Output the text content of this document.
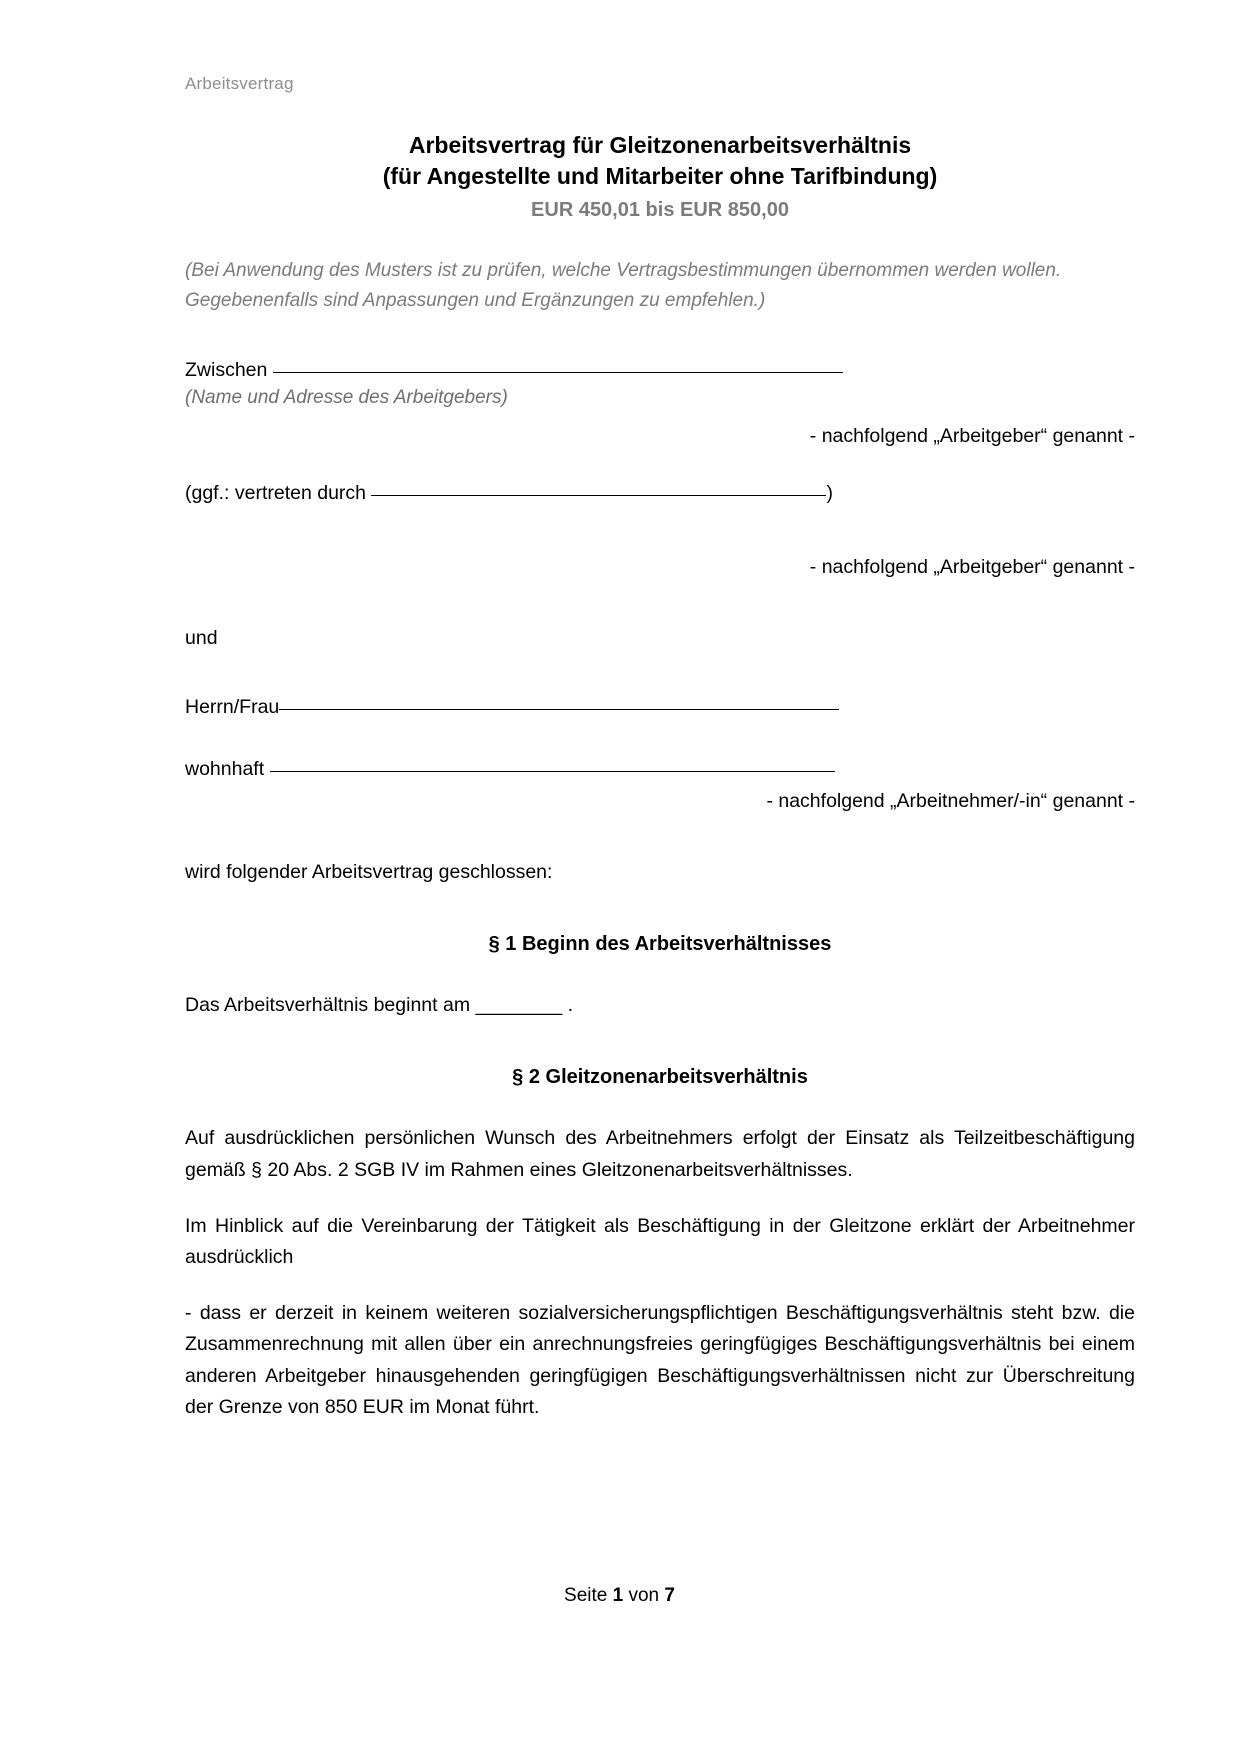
Arbeitsvertrag
Arbeitsvertrag für Gleitzonenarbeitsverhältnis
(für Angestellte und Mitarbeiter ohne Tarifbindung)
EUR 450,01 bis EUR 850,00
(Bei Anwendung des Musters ist zu prüfen, welche Vertragsbestimmungen übernommen werden wollen. Gegebenenfalls sind Anpassungen und Ergänzungen zu empfehlen.)
Zwischen
(Name und Adresse des Arbeitgebers)
- nachfolgend „Arbeitgeber“ genannt -
(ggf.: vertreten durch	)
- nachfolgend „Arbeitgeber“ genannt -
und
Herrn/Frau
wohnhaft
- nachfolgend „Arbeitnehmer/-in“ genannt -
wird folgender Arbeitsvertrag geschlossen:
§ 1 Beginn des Arbeitsverhältnisses
Das Arbeitsverhältnis beginnt am ________ .
§ 2 Gleitzonenarbeitsverhältnis
Auf ausdrücklichen persönlichen Wunsch des Arbeitnehmers erfolgt der Einsatz als Teilzeitbeschäftigung gemäß § 20 Abs. 2 SGB IV im Rahmen eines Gleitzonenarbeitsverhältnisses.
Im Hinblick auf die Vereinbarung der Tätigkeit als Beschäftigung in der Gleitzone erklärt der Arbeitnehmer ausdrücklich
- dass er derzeit in keinem weiteren sozialversicherungspflichtigen Beschäftigungsverhältnis steht bzw. die Zusammenrechnung mit allen über ein anrechnungsfreies geringfügiges Beschäftigungsverhältnis bei einem anderen Arbeitgeber hinausgehenden geringfügigen Beschäftigungsverhältnissen nicht zur Überschreitung der Grenze von 850 EUR im Monat führt.
Seite 1 von 7
